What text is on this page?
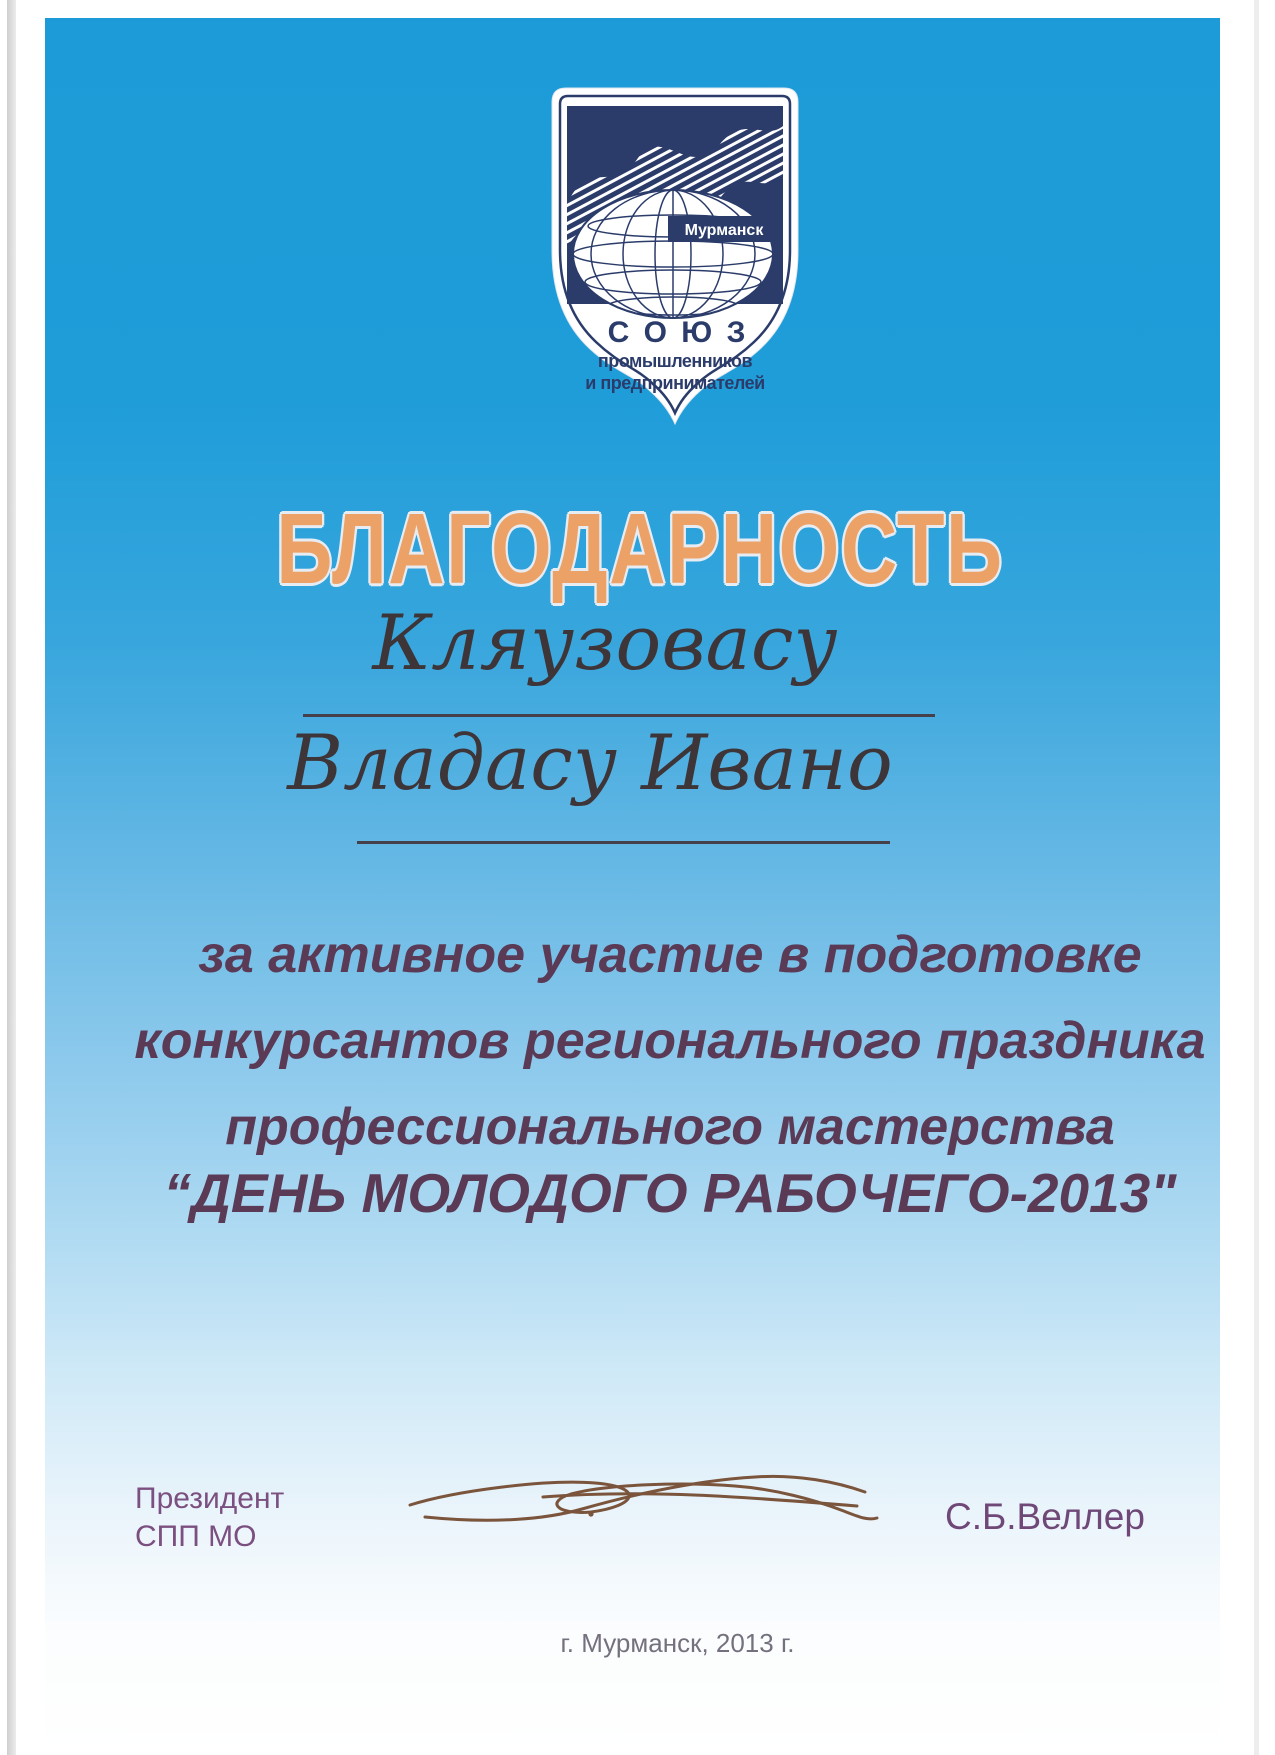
Мурманск
С О Ю З
промышленников
и предпринимателей
БЛАГОДАРНОСТЬ
Кляузовасу
Владасу Ивано
за активное участие в подготовке
конкурсантов регионального праздника
профессионального мастерства
“ДЕНЬ МОЛОДОГО РАБОЧЕГО-2013"
Президент
СПП МО	С.Б.Веллер
г. Мурманск, 2013 г.
